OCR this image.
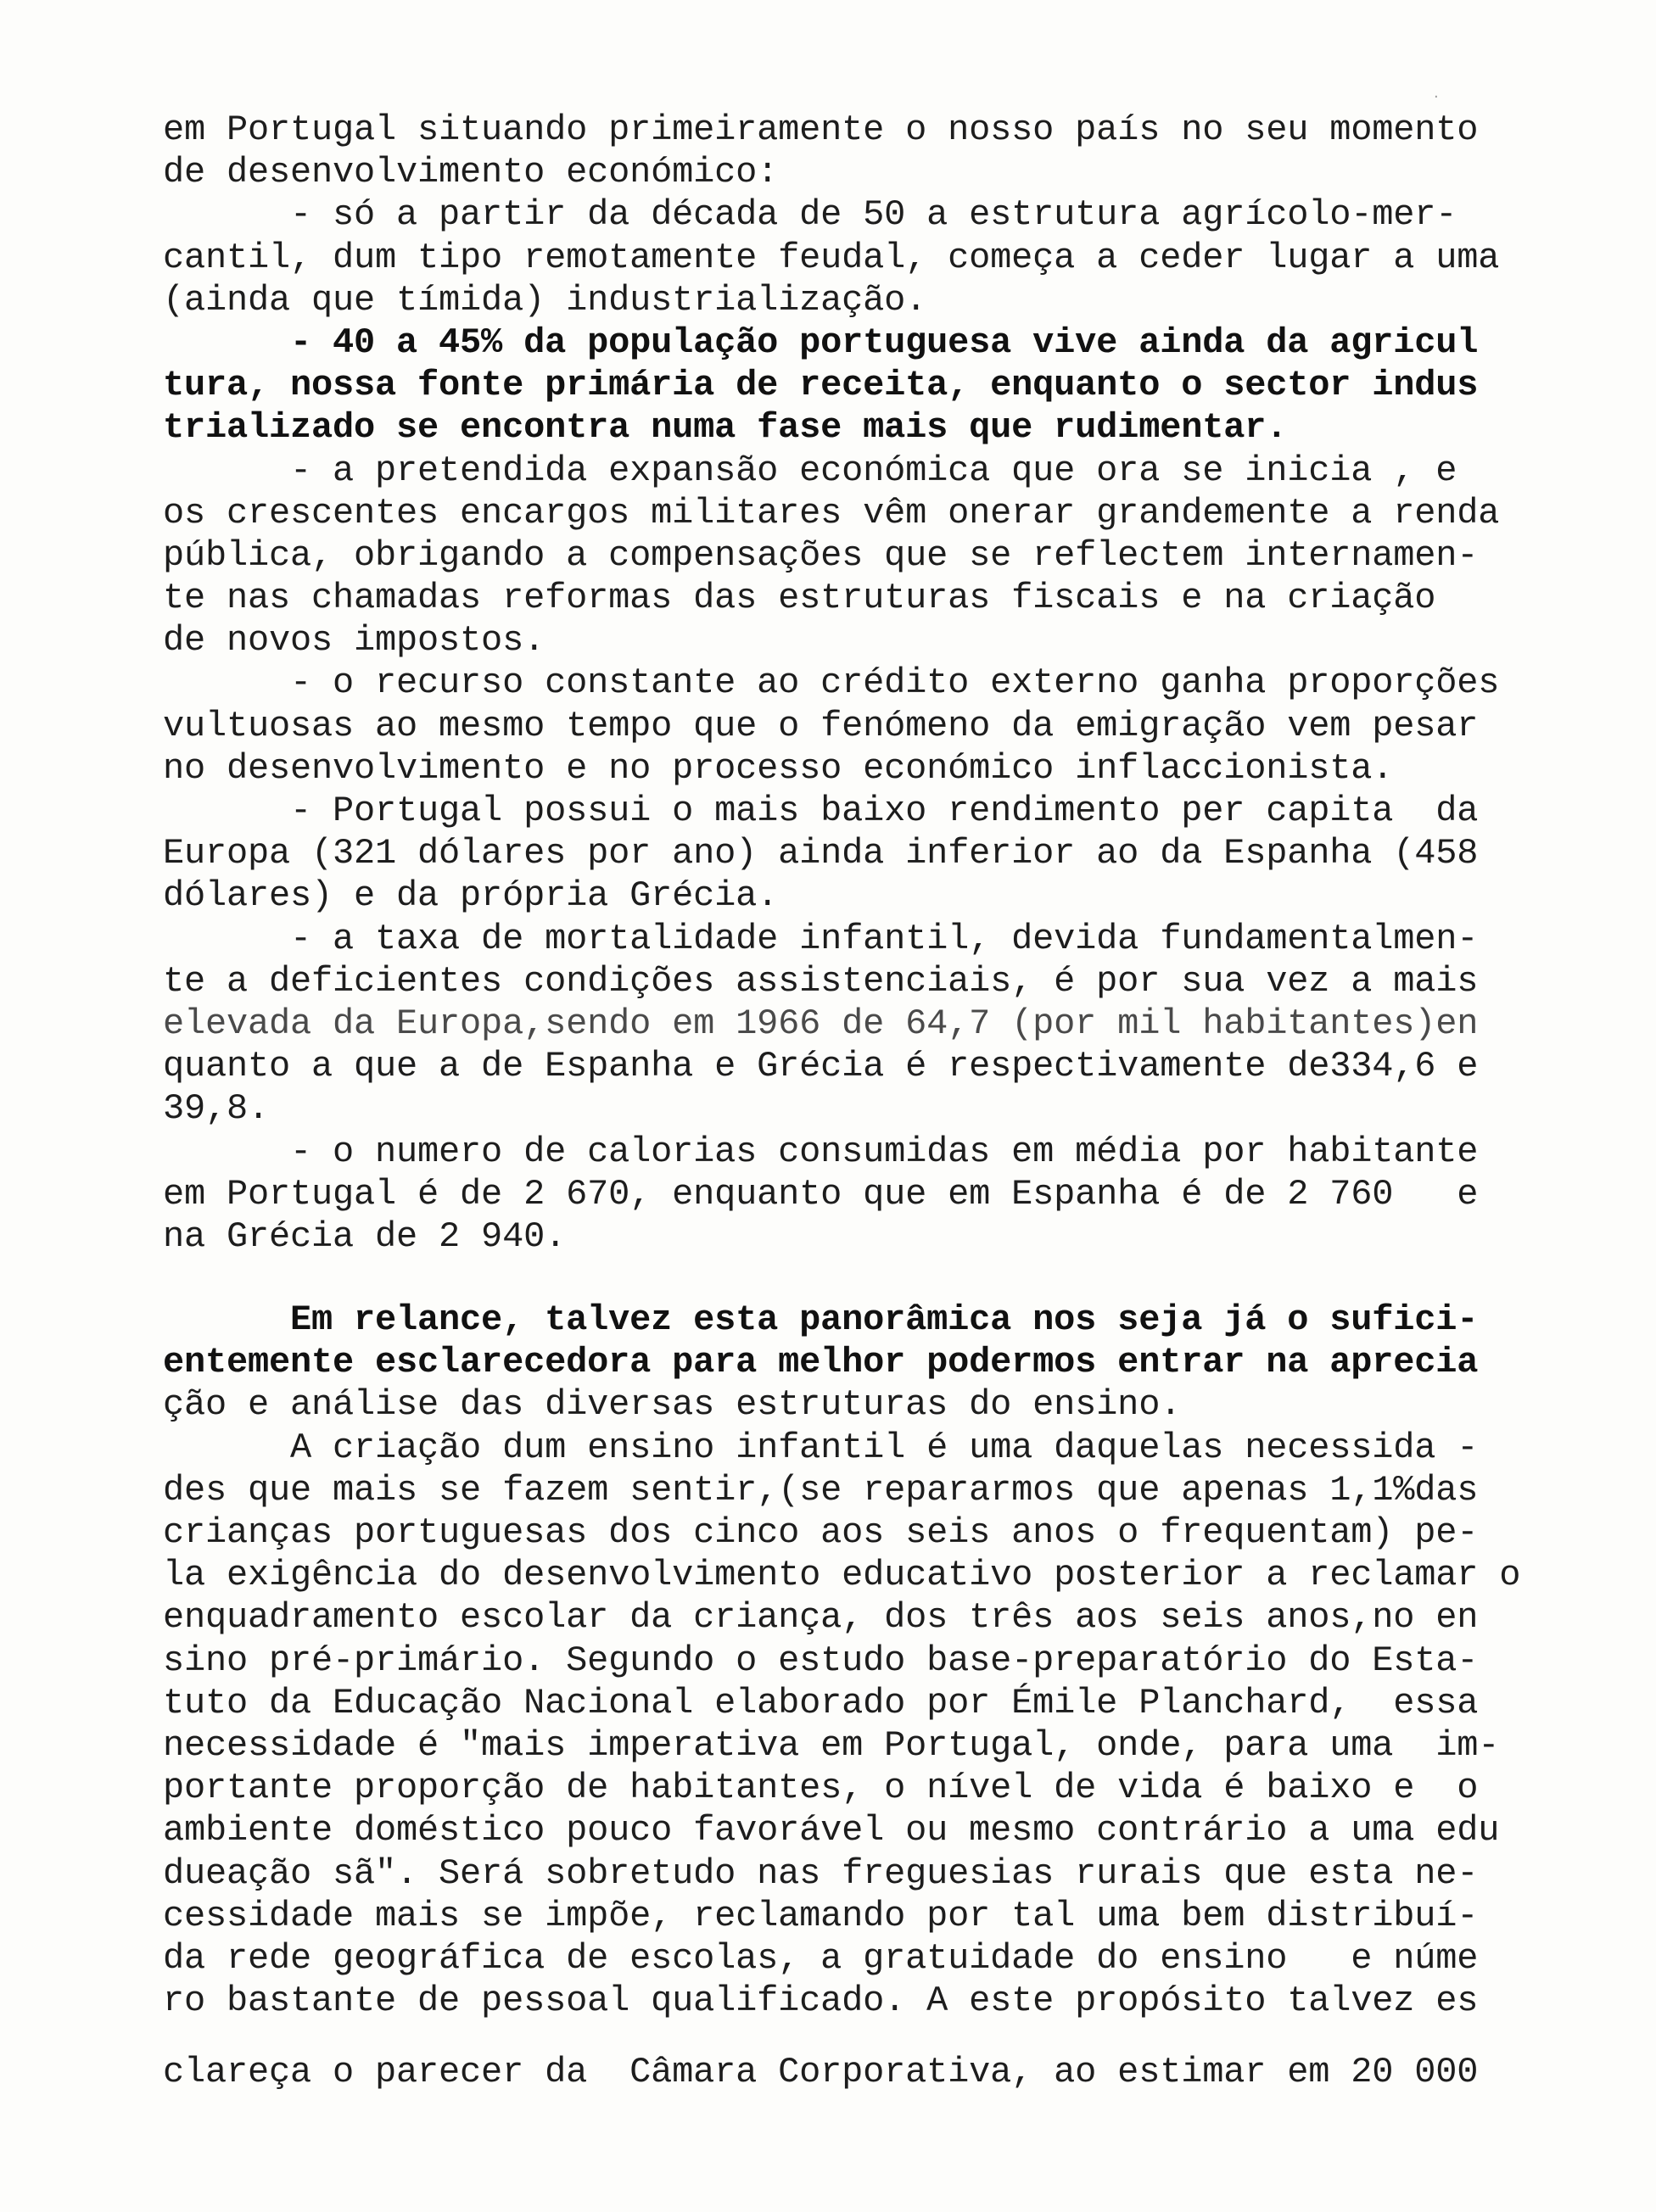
·
em Portugal situando primeiramente o nosso país no seu momento
de desenvolvimento económico:
- só a partir da década de 50 a estrutura agrícolo-mer-
cantil, dum tipo remotamente feudal, começa a ceder lugar a uma
(ainda que tímida) industrialização.
- 40 a 45% da população portuguesa vive ainda da agricul
tura, nossa fonte primária de receita, enquanto o sector indus
trializado se encontra numa fase mais que rudimentar.
- a pretendida expansão económica que ora se inicia , e
os crescentes encargos militares vêm onerar grandemente a renda
pública, obrigando a compensações que se reflectem internamen-
te nas chamadas reformas das estruturas fiscais e na criação
de novos impostos.
- o recurso constante ao crédito externo ganha proporções
vultuosas ao mesmo tempo que o fenómeno da emigração vem pesar
no desenvolvimento e no processo económico inflaccionista.
- Portugal possui o mais baixo rendimento per capita  da
Europa (321 dólares por ano) ainda inferior ao da Espanha (458
dólares) e da própria Grécia.
- a taxa de mortalidade infantil, devida fundamentalmen-
te a deficientes condições assistenciais, é por sua vez a mais
elevada da Europa,sendo em 1966 de 64,7 (por mil habitantes)en
quanto a que a de Espanha e Grécia é respectivamente de334,6 e
39,8.
- o numero de calorias consumidas em média por habitante
em Portugal é de 2 670, enquanto que em Espanha é de 2 760   e
na Grécia de 2 940.
Em relance, talvez esta panorâmica nos seja já o sufici-
entemente esclarecedora para melhor podermos entrar na aprecia
ção e análise das diversas estruturas do ensino.
A criação dum ensino infantil é uma daquelas necessida -
des que mais se fazem sentir,(se repararmos que apenas 1,1%das
crianças portuguesas dos cinco aos seis anos o frequentam) pe-
la exigência do desenvolvimento educativo posterior a reclamar o
enquadramento escolar da criança, dos três aos seis anos,no en
sino pré-primário. Segundo o estudo base-preparatório do Esta-
tuto da Educação Nacional elaborado por Émile Planchard,  essa
necessidade é "mais imperativa em Portugal, onde, para uma  im-
portante proporção de habitantes, o nível de vida é baixo e  o
ambiente doméstico pouco favorável ou mesmo contrário a uma edu
dueação sã". Será sobretudo nas freguesias rurais que esta ne-
cessidade mais se impõe, reclamando por tal uma bem distribuí-
da rede geográfica de escolas, a gratuidade do ensino   e núme
ro bastante de pessoal qualificado. A este propósito talvez es
clareça o parecer da  Câmara Corporativa, ao estimar em 20 000
